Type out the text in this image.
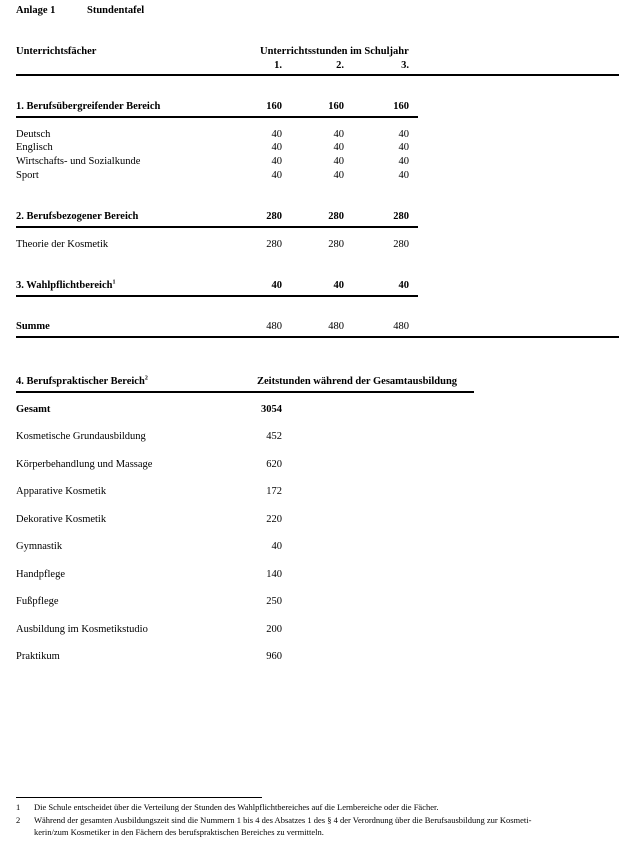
Anlage 1	Stundentafel
Unterrichtsfächer	Unterrichtsstunden im Schuljahr
1.	2.	3.
1. Berufsübergreifender Bereich	160	160	160
Deutsch	40	40	40
Englisch	40	40	40
Wirtschafts- und Sozialkunde	40	40	40
Sport	40	40	40
2. Berufsbezogener Bereich	280	280	280
Theorie der Kosmetik	280	280	280
3. Wahlpflichtbereich$^1$	40	40	40
Summe	480	480	480
4. Berufspraktischer Bereich$^2$	Zeitstunden während der Gesamtausbildung
Gesamt	3054
Kosmetische Grundausbildung	452
Körperbehandlung und Massage	620
Apparative Kosmetik	172
Dekorative Kosmetik	220
Gymnastik	40
Handpflege	140
Fußpflege	250
Ausbildung im Kosmetikstudio	200
Praktikum	960
1 Die Schule entscheidet über die Verteilung der Stunden des Wahlpflichtbereiches auf die Lernbereiche oder die Fächer.
2 Während der gesamten Ausbildungszeit sind die Nummern 1 bis 4 des Absatzes 1 des § 4 der Verordnung über die Berufsausbildung zur Kosmeti-
kerin/zum Kosmetiker in den Fächern des berufspraktischen Bereiches zu vermitteln.
